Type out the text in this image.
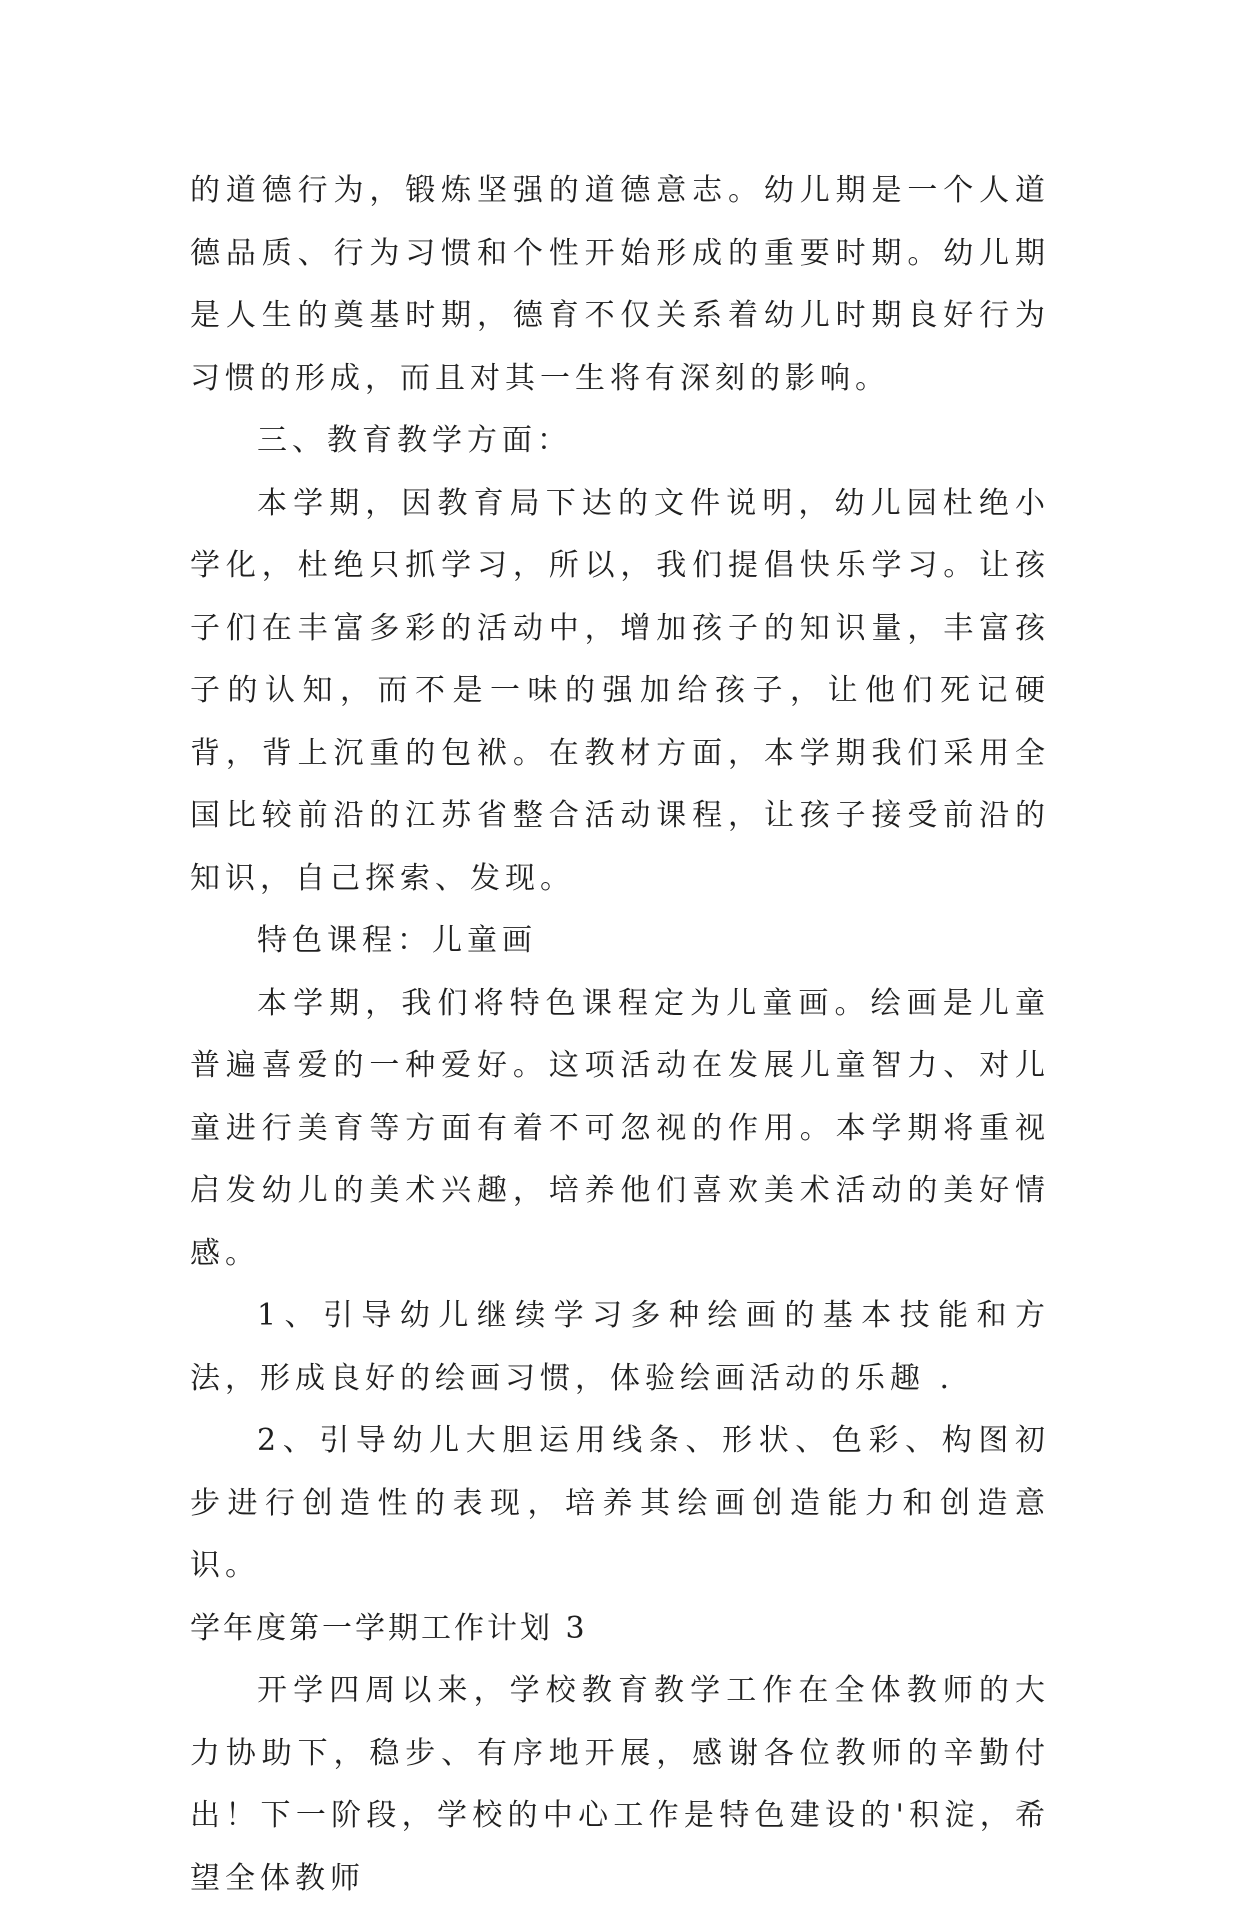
的道德行为，锻炼坚强的道德意志。幼儿期是一个人道德品质、行为习惯和个性开始形成的重要时期。幼儿期是人生的奠基时期，德育不仅关系着幼儿时期良好行为习惯的形成，而且对其一生将有深刻的影响。

三、教育教学方面：

本学期，因教育局下达的文件说明，幼儿园杜绝小学化，杜绝只抓学习，所以，我们提倡快乐学习。让孩子们在丰富多彩的活动中，增加孩子的知识量，丰富孩子的认知，而不是一味的强加给孩子，让他们死记硬背，背上沉重的包袱。在教材方面，本学期我们采用全国比较前沿的江苏省整合活动课程，让孩子接受前沿的知识，自己探索、发现。

特色课程：儿童画

本学期，我们将特色课程定为儿童画。绘画是儿童普遍喜爱的一种爱好。这项活动在发展儿童智力、对儿童进行美育等方面有着不可忽视的作用。本学期将重视启发幼儿的美术兴趣，培养他们喜欢美术活动的美好情感。

1、引导幼儿继续学习多种绘画的基本技能和方法，形成良好的绘画习惯，体验绘画活动的乐趣 .

2、引导幼儿大胆运用线条、形状、色彩、构图初步进行创造性的表现，培养其绘画创造能力和创造意识。

学年度第一学期工作计划 3

开学四周以来，学校教育教学工作在全体教师的大力协助下，稳步、有序地开展，感谢各位教师的辛勤付出！下一阶段，学校的中心工作是特色建设的'积淀，希望全体教师
